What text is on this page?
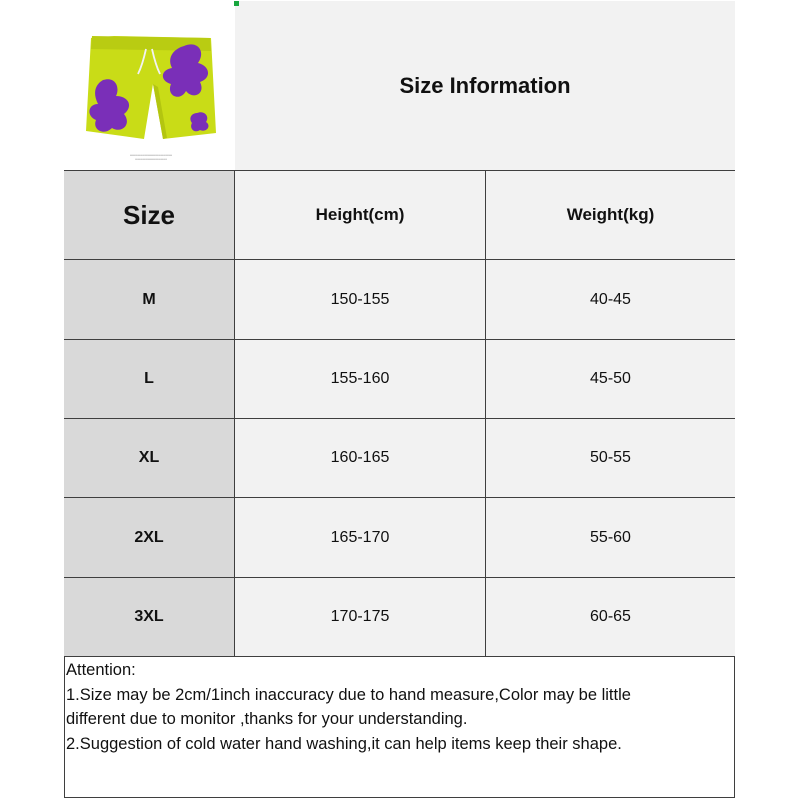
••••••••••••••••••••••••••••••••••••••••
••••••••••••••••••••••••••••••
Size Information
Size	Height(cm)	Weight(kg)
M	150-155	40-45
L	155-160	45-50
XL	160-165	50-55
2XL	165-170	55-60
3XL	170-175	60-65
Attention:
1.Size may be 2cm/1inch inaccuracy due to hand measure,Color may be little
different due to monitor ,thanks for your understanding.
2.Suggestion of cold water hand washing,it can help items keep their shape.
